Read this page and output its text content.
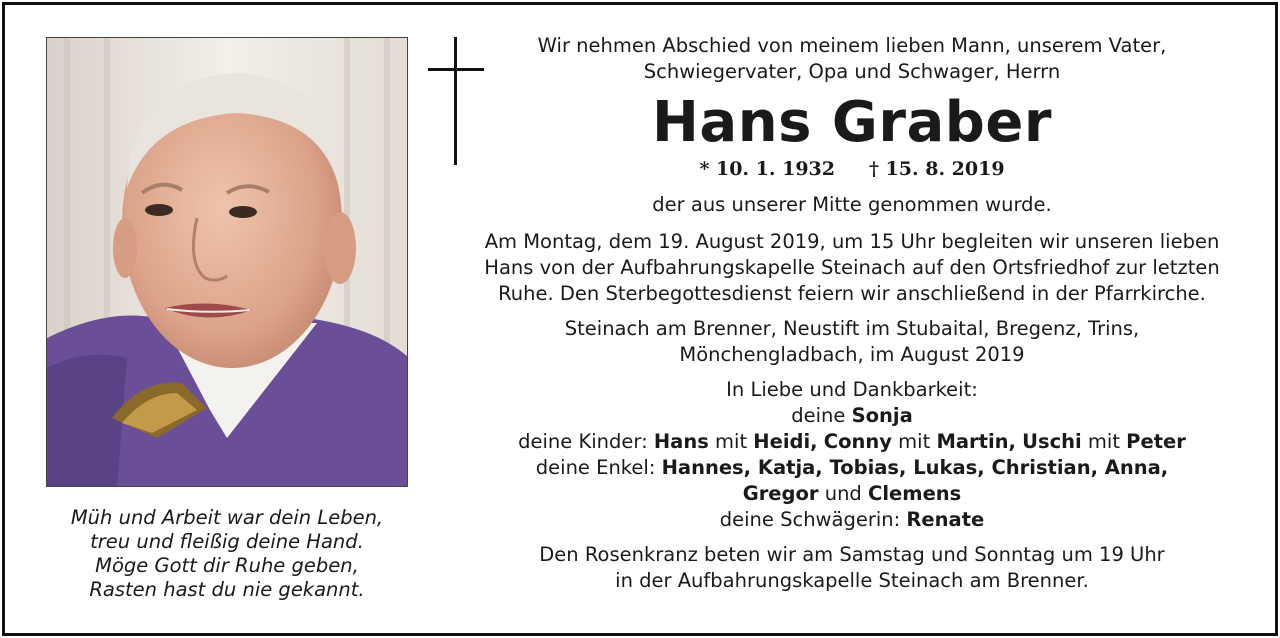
Müh und Arbeit war dein Leben,
treu und fleißig deine Hand.
Möge Gott dir Ruhe geben,
Rasten hast du nie gekannt.
Wir nehmen Abschied von meinem lieben Mann, unserem Vater,
Schwiegervater, Opa und Schwager, Herrn
Hans Graber
* 10. 1. 1932 † 15. 8. 2019
der aus unserer Mitte genommen wurde.
Am Montag, dem 19. August 2019, um 15 Uhr begleiten wir unseren lieben
Hans von der Aufbahrungskapelle Steinach auf den Ortsfriedhof zur letzten
Ruhe. Den Sterbegottesdienst feiern wir anschließend in der Pfarrkirche.
Steinach am Brenner, Neustift im Stubaital, Bregenz, Trins,
Mönchengladbach, im August 2019
In Liebe und Dankbarkeit:
deine Sonja
deine Kinder: Hans mit Heidi, Conny mit Martin, Uschi mit Peter
deine Enkel: Hannes, Katja, Tobias, Lukas, Christian, Anna,
Gregor und Clemens
deine Schwägerin: Renate
Den Rosenkranz beten wir am Samstag und Sonntag um 19 Uhr
in der Aufbahrungskapelle Steinach am Brenner.
